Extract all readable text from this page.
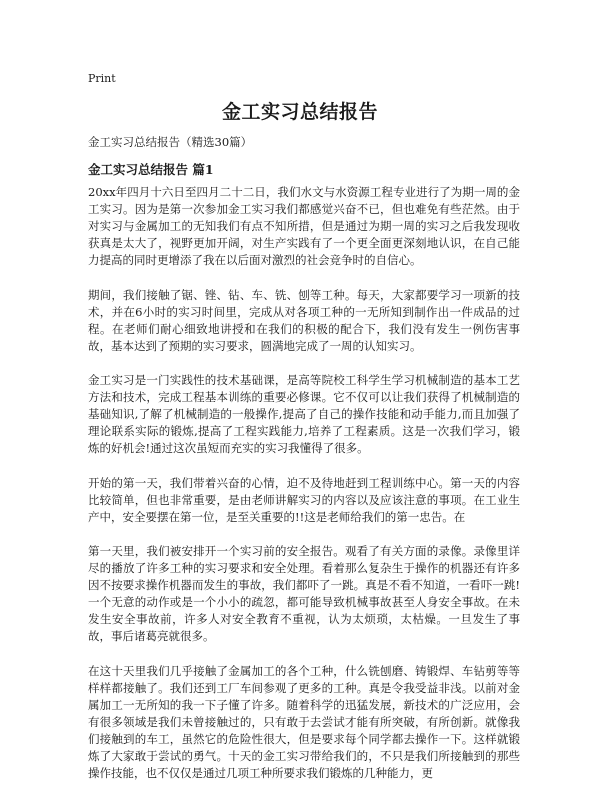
Print
金工实习总结报告

金工实习总结报告（精选30篇）

金工实习总结报告 篇1

20xx年四月十六日至四月二十二日，我们水文与水资源工程专业进行了为期一周的金工实习。因为是第一次参加金工实习我们都感觉兴奋不已，但也难免有些茫然。由于对实习与金属加工的无知我们有点不知所措，但是通过为期一周的实习之后我发现收获真是太大了，视野更加开阔，对生产实践有了一个更全面更深刻地认识，在自己能力提高的同时更增添了我在以后面对激烈的社会竞争时的自信心。

期间，我们接触了锯、锉、钻、车、铣、刨等工种。每天，大家都要学习一项新的技术，并在6小时的实习时间里，完成从对各项工种的一无所知到制作出一件成品的过程。在老师们耐心细致地讲授和在我们的积极的配合下，我们没有发生一例伤害事故，基本达到了预期的实习要求，圆满地完成了一周的认知实习。

金工实习是一门实践性的技术基础课，是高等院校工科学生学习机械制造的基本工艺方法和技术，完成工程基本训练的重要必修课。它不仅可以让我们获得了机械制造的基础知识,了解了机械制造的一般操作,提高了自己的操作技能和动手能力,而且加强了理论联系实际的锻炼,提高了工程实践能力,培养了工程素质。这是一次我们学习，锻炼的好机会!通过这次虽短而充实的实习我懂得了很多。

开始的第一天，我们带着兴奋的心情，迫不及待地赶到工程训练中心。第一天的内容比较简单，但也非常重要，是由老师讲解实习的内容以及应该注意的事项。在工业生产中，安全要摆在第一位，是至关重要的!!这是老师给我们的第一忠告。在

第一天里，我们被安排开一个实习前的安全报告。观看了有关方面的录像。录像里详尽的播放了许多工种的实习要求和安全处理。看着那么复杂生于操作的机器还有许多因不按要求操作机器而发生的事故，我们都吓了一跳。真是不看不知道，一看吓一跳!一个无意的动作或是一个小小的疏忽，都可能导致机械事故甚至人身安全事故。在未发生安全事故前，许多人对安全教育不重视，认为太烦琐，太枯燥。一旦发生了事故，事后诸葛亮就很多。

在这十天里我们几乎接触了金属加工的各个工种，什么铣刨磨、铸锻焊、车钻剪等等样样都接触了。我们还到工厂车间参观了更多的工种。真是令我受益非浅。以前对金属加工一无所知的我一下子懂了许多。随着科学的迅猛发展，新技术的广泛应用，会有很多领域是我们未曾接触过的，只有敢于去尝试才能有所突破，有所创新。就像我们接触到的车工，虽然它的危险性很大，但是要求每个同学都去操作一下。这样就锻炼了大家敢于尝试的勇气。十天的金工实习带给我们的，不只是我们所接触到的那些操作技能，也不仅仅是通过几项工种所要求我们锻炼的几种能力，更
